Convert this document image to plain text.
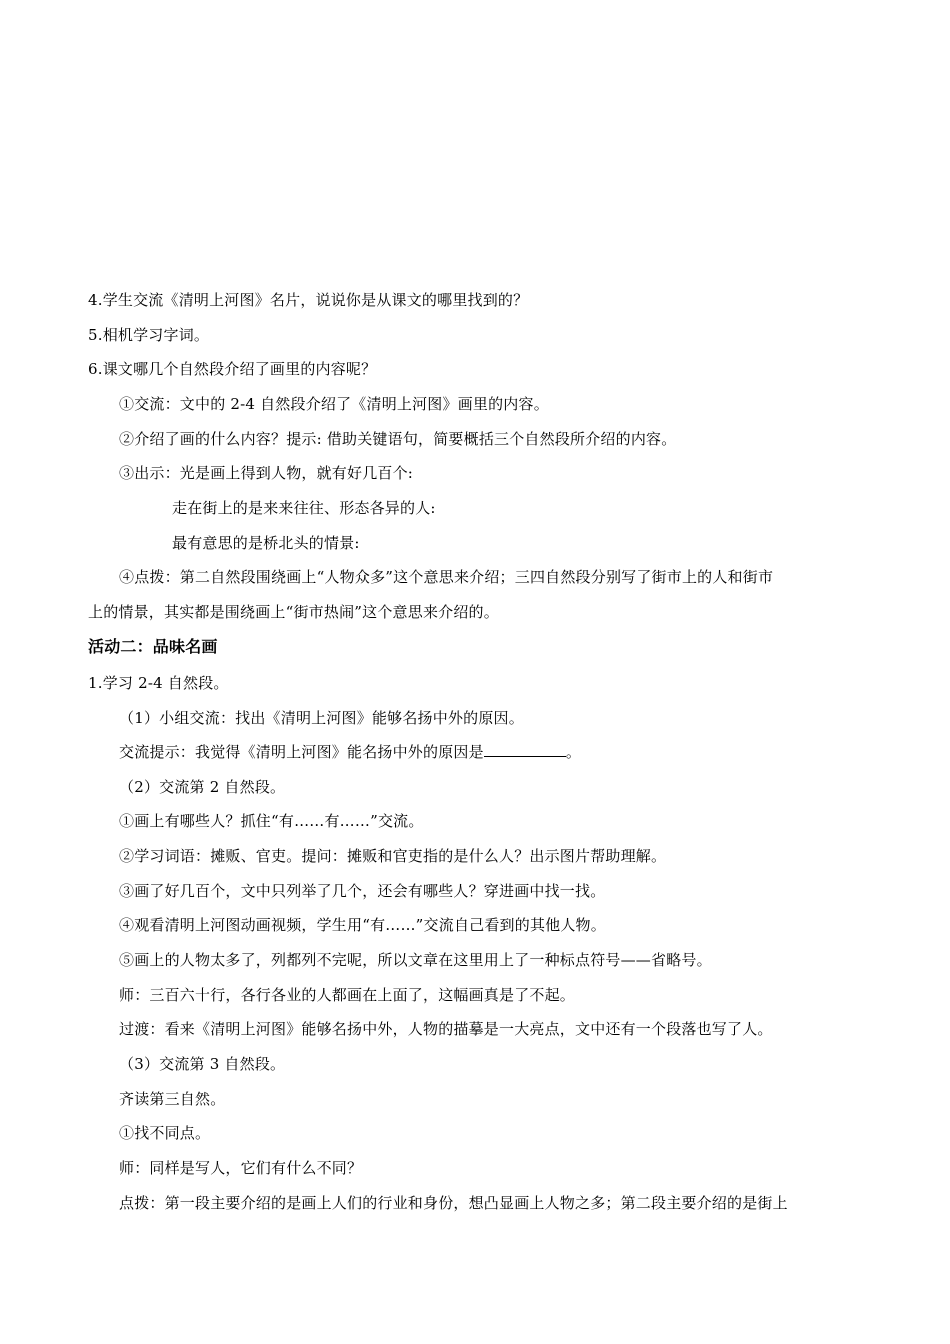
4.学生交流《清明上河图》名片，说说你是从课文的哪里找到的？
5.相机学习字词。
6.课文哪几个自然段介绍了画里的内容呢？
①交流：文中的 2-4 自然段介绍了《清明上河图》画里的内容。
②介绍了画的什么内容？提示: 借助关键语句，简要概括三个自然段所介绍的内容。
③出示：光是画上得到人物，就有好几百个:
走在街上的是来来往往、形态各异的人:
最有意思的是桥北头的情景:
④点拨：第二自然段围绕画上“人物众多”这个意思来介绍；三四自然段分别写了街市上的人和街市
上的情景，其实都是围绕画上“街市热闹”这个意思来介绍的。
活动二：品味名画
1.学习 2-4 自然段。
（1）小组交流：找出《清明上河图》能够名扬中外的原因。
交流提示：我觉得《清明上河图》能名扬中外的原因是	。
（2）交流第 2 自然段。
①画上有哪些人？抓住“有……有……”交流。
②学习词语：摊贩、官吏。提问：摊贩和官吏指的是什么人？出示图片帮助理解。
③画了好几百个，文中只列举了几个，还会有哪些人？穿进画中找一找。
④观看清明上河图动画视频，学生用“有……”交流自己看到的其他人物。
⑤画上的人物太多了，列都列不完呢，所以文章在这里用上了一种标点符号——省略号。
师：三百六十行，各行各业的人都画在上面了，这幅画真是了不起。
过渡：看来《清明上河图》能够名扬中外，人物的描摹是一大亮点，文中还有一个段落也写了人。
（3）交流第 3 自然段。
齐读第三自然。
①找不同点。
师：同样是写人，它们有什么不同？
点拨：第一段主要介绍的是画上人们的行业和身份，想凸显画上人物之多；第二段主要介绍的是街上
